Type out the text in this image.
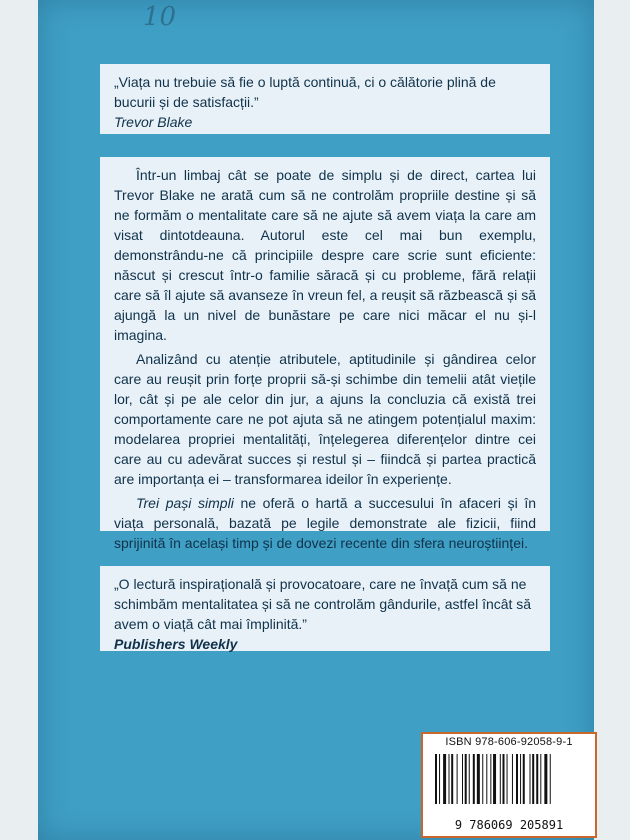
10

„Viața nu trebuie să fie o luptă continuă, ci o călătorie plină de bucurii și de satisfacții.”

Trevor Blake

Într-un limbaj cât se poate de simplu și de direct, cartea lui Trevor Blake ne arată cum să ne controlăm propriile destine și să ne formăm o mentalitate care să ne ajute să avem viața la care am visat dintotdeauna. Autorul este cel mai bun exemplu, demonstrându-ne că principiile despre care scrie sunt eficiente: născut și crescut într-o familie săracă și cu probleme, fără relații care să îl ajute să avanseze în vreun fel, a reușit să răzbească și să ajungă la un nivel de bunăstare pe care nici măcar el nu și-l imagina.

Analizând cu atenție atributele, aptitudinile și gândirea celor care au reușit prin forțe proprii să-și schimbe din temelii atât viețile lor, cât și pe ale celor din jur, a ajuns la concluzia că există trei comportamente care ne pot ajuta să ne atingem potențialul maxim: modelarea propriei mentalități, înțelegerea diferențelor dintre cei care au cu adevărat succes și restul și – fiindcă și partea practică are importanța ei – transformarea ideilor în experiențe.

Trei pași simpli ne oferă o hartă a succesului în afaceri și în viața personală, bazată pe legile demonstrate ale fizicii, fiind sprijinită în același timp și de dovezi recente din sfera neuroștiinței.

„O lectură inspirațională și provocatoare, care ne învață cum să ne schimbăm mentalitatea și să ne controlăm gândurile, astfel încât să avem o viață cât mai împlinită.”

Publishers Weekly

ISBN 978-606-92058-9-1
9 786069 205891
